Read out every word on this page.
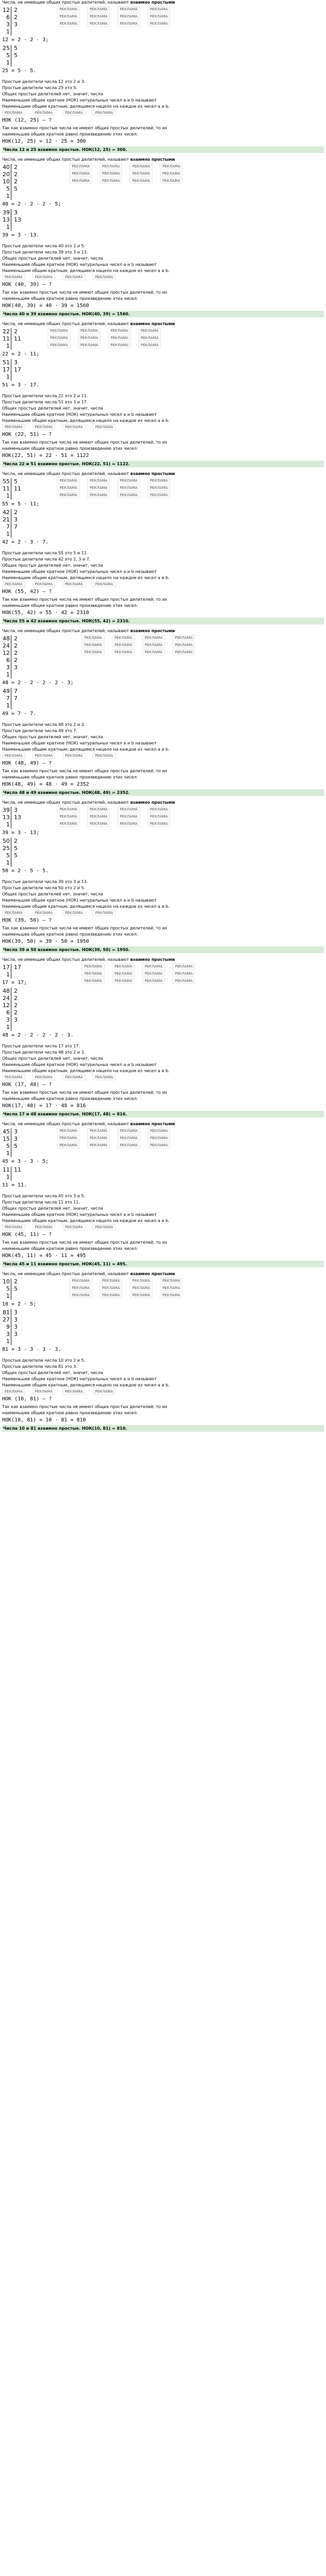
Числа, не имеющие общих простых делителей, называют взаимно простыми
12 2
6 2
3 3
1
12 = 2 · 2 · 3;
25 5
5 5
1
25 = 5 · 5.
РЕКЛАМА	РЕКЛАМА	РЕКЛАМА	РЕКЛАМА
РЕКЛАМА	РЕКЛАМА	РЕКЛАМА	РЕКЛАМА
РЕКЛАМА	РЕКЛАМА	РЕКЛАМА	РЕКЛАМА
Простые делители числа 12 это 2 и 3.
Простые делители числа 25 это 5.
Общих простых делителей нет, значит, числа
Наименьшее общее кратное (НОК) натуральных чисел a и b называют
Наименьшим общим кратным, делящимся нацело на каждое из чисел a и b.
РЕКЛАМА	РЕКЛАМА	РЕКЛАМА	РЕКЛАМА
НОК (12, 25) – ?
Так как взаимно простые числа не имеют общих простых делителей, то их
наименьшее общее кратное равно произведению этих чисел:
НОК(12, 25) = 12 · 25 = 300
Числа 12 и 25 взаимно простые. НОК(12, 25) = 300.
Числа, не имеющие общих простых делителей, называют взаимно простыми
40 2
20 2
10 2
5 5
1
40 = 2 · 2 · 2 · 5;
39 3
13 13
1
39 = 3 · 13.
РЕКЛАМА	РЕКЛАМА	РЕКЛАМА	РЕКЛАМА
РЕКЛАМА	РЕКЛАМА	РЕКЛАМА	РЕКЛАМА
РЕКЛАМА	РЕКЛАМА	РЕКЛАМА	РЕКЛАМА
Простые делители числа 40 это 2 и 5.
Простые делители числа 39 это 3 и 13.
Общих простых делителей нет, значит, числа
Наименьшее общее кратное (НОК) натуральных чисел a и b называют
Наименьшим общим кратным, делящимся нацело на каждое из чисел a и b.
РЕКЛАМА	РЕКЛАМА	РЕКЛАМА	РЕКЛАМА
НОК (40, 39) – ?
Так как взаимно простые числа не имеют общих простых делителей, то их
наименьшее общее кратное равно произведению этих чисел:
НОК(40, 39) = 40 · 39 = 1560
Числа 40 и 39 взаимно простые. НОК(40, 39) = 1560.
Числа, не имеющие общих простых делителей, называют взаимно простыми
22 2
11 11
1
22 = 2 · 11;
51 3
17 17
1
51 = 3 · 17.
РЕКЛАМА	РЕКЛАМА	РЕКЛАМА	РЕКЛАМА
РЕКЛАМА	РЕКЛАМА	РЕКЛАМА	РЕКЛАМА
РЕКЛАМА	РЕКЛАМА	РЕКЛАМА	РЕКЛАМА
Простые делители числа 22 это 2 и 11.
Простые делители числа 51 это 3 и 17.
Общих простых делителей нет, значит, числа
Наименьшее общее кратное (НОК) натуральных чисел a и b называют
Наименьшим общим кратным, делящимся нацело на каждое из чисел a и b.
РЕКЛАМА	РЕКЛАМА	РЕКЛАМА	РЕКЛАМА
НОК (22, 51) – ?
Так как взаимно простые числа не имеют общих простых делителей, то их
наименьшее общее кратное равно произведению этих чисел:
НОК(22, 51) = 22 · 51 = 1122
Числа 22 и 51 взаимно простые. НОК(22, 51) = 1122.
Числа, не имеющие общих простых делителей, называют взаимно простыми
55 5
11 11
1
55 = 5 · 11;
42 2
21 3
7 7
1
42 = 2 · 3 · 7.
РЕКЛАМА	РЕКЛАМА	РЕКЛАМА	РЕКЛАМА
РЕКЛАМА	РЕКЛАМА	РЕКЛАМА	РЕКЛАМА
РЕКЛАМА	РЕКЛАМА	РЕКЛАМА	РЕКЛАМА
Простые делители числа 55 это 5 и 11.
Простые делители числа 42 это 2, 3 и 7.
Общих простых делителей нет, значит, числа
Наименьшее общее кратное (НОК) натуральных чисел a и b называют
Наименьшим общим кратным, делящимся нацело на каждое из чисел a и b.
РЕКЛАМА	РЕКЛАМА	РЕКЛАМА	РЕКЛАМА
НОК (55, 42) – ?
Так как взаимно простые числа не имеют общих простых делителей, то их
наименьшее общее кратное равно произведению этих чисел:
НОК(55, 42) = 55 · 42 = 2310
Числа 55 и 42 взаимно простые. НОК(55, 42) = 2310.
Числа, не имеющие общих простых делителей, называют взаимно простыми
48 2
24 2
12 2
6 2
3 3
1
48 = 2 · 2 · 2 · 2 · 3;
49 7
7 7
1
49 = 7 · 7.
РЕКЛАМА	РЕКЛАМА	РЕКЛАМА	РЕКЛАМА
РЕКЛАМА	РЕКЛАМА	РЕКЛАМА	РЕКЛАМА
РЕКЛАМА	РЕКЛАМА	РЕКЛАМА	РЕКЛАМА
Простые делители числа 48 это 2 и 3.
Простые делители числа 49 это 7.
Общих простых делителей нет, значит, числа
Наименьшее общее кратное (НОК) натуральных чисел a и b называют
Наименьшим общим кратным, делящимся нацело на каждое из чисел a и b.
РЕКЛАМА	РЕКЛАМА	РЕКЛАМА	РЕКЛАМА
НОК (48, 49) – ?
Так как взаимно простые числа не имеют общих простых делителей, то их
наименьшее общее кратное равно произведению этих чисел:
НОК(48, 49) = 48 · 49 = 2352
Числа 48 и 49 взаимно простые. НОК(48, 49) = 2352.
Числа, не имеющие общих простых делителей, называют взаимно простыми
39 3
13 13
1
39 = 3 · 13;
50 2
25 5
5 5
1
50 = 2 · 5 · 5.
РЕКЛАМА	РЕКЛАМА	РЕКЛАМА	РЕКЛАМА
РЕКЛАМА	РЕКЛАМА	РЕКЛАМА	РЕКЛАМА
РЕКЛАМА	РЕКЛАМА	РЕКЛАМА	РЕКЛАМА
Простые делители числа 39 это 3 и 13.
Простые делители числа 50 это 2 и 5.
Общих простых делителей нет, значит, числа
Наименьшее общее кратное (НОК) натуральных чисел a и b называют
Наименьшим общим кратным, делящимся нацело на каждое из чисел a и b.
РЕКЛАМА	РЕКЛАМА	РЕКЛАМА	РЕКЛАМА
НОК (39, 50) – ?
Так как взаимно простые числа не имеют общих простых делителей, то их
наименьшее общее кратное равно произведению этих чисел:
НОК(39, 50) = 39 · 50 = 1950
Числа 39 и 50 взаимно простые. НОК(39, 50) = 1950.
Числа, не имеющие общих простых делителей, называют взаимно простыми
17 17
1
17 = 17;
48 2
24 2
12 2
6 2
3 3
1
48 = 2 · 2 · 2 · 2 · 3.
РЕКЛАМА	РЕКЛАМА	РЕКЛАМА	РЕКЛАМА
РЕКЛАМА	РЕКЛАМА	РЕКЛАМА	РЕКЛАМА
РЕКЛАМА	РЕКЛАМА	РЕКЛАМА	РЕКЛАМА
Простые делители числа 17 это 17.
Простые делители числа 48 это 2 и 3.
Общих простых делителей нет, значит, числа
Наименьшее общее кратное (НОК) натуральных чисел a и b называют
Наименьшим общим кратным, делящимся нацело на каждое из чисел a и b.
РЕКЛАМА	РЕКЛАМА	РЕКЛАМА	РЕКЛАМА
НОК (17, 48) – ?
Так как взаимно простые числа не имеют общих простых делителей, то их
наименьшее общее кратное равно произведению этих чисел:
НОК(17, 48) = 17 · 48 = 816
Числа 17 и 48 взаимно простые. НОК(17, 48) = 816.
Числа, не имеющие общих простых делителей, называют взаимно простыми
45 3
15 3
5 5
1
45 = 3 · 3 · 5;
11 11
1
11 = 11.
РЕКЛАМА	РЕКЛАМА	РЕКЛАМА	РЕКЛАМА
РЕКЛАМА	РЕКЛАМА	РЕКЛАМА	РЕКЛАМА
РЕКЛАМА	РЕКЛАМА	РЕКЛАМА	РЕКЛАМА
Простые делители числа 45 это 3 и 5.
Простые делители числа 11 это 11.
Общих простых делителей нет, значит, числа
Наименьшее общее кратное (НОК) натуральных чисел a и b называют
Наименьшим общим кратным, делящимся нацело на каждое из чисел a и b.
РЕКЛАМА	РЕКЛАМА	РЕКЛАМА	РЕКЛАМА
НОК (45, 11) – ?
Так как взаимно простые числа не имеют общих простых делителей, то их
наименьшее общее кратное равно произведению этих чисел:
НОК(45, 11) = 45 · 11 = 495
Числа 45 и 11 взаимно простые. НОК(45, 11) = 495.
Числа, не имеющие общих простых делителей, называют взаимно простыми
10 2
5 5
1
10 = 2 · 5;
81 3
27 3
9 3
3 3
1
81 = 3 · 3 · 3 · 3.
РЕКЛАМА	РЕКЛАМА	РЕКЛАМА	РЕКЛАМА
РЕКЛАМА	РЕКЛАМА	РЕКЛАМА	РЕКЛАМА
РЕКЛАМА	РЕКЛАМА	РЕКЛАМА	РЕКЛАМА
Простые делители числа 10 это 2 и 5.
Простые делители числа 81 это 3.
Общих простых делителей нет, значит, числа
Наименьшее общее кратное (НОК) натуральных чисел a и b называют
Наименьшим общим кратным, делящимся нацело на каждое из чисел a и b.
РЕКЛАМА	РЕКЛАМА	РЕКЛАМА	РЕКЛАМА
НОК (10, 81) – ?
Так как взаимно простые числа не имеют общих простых делителей, то их
наименьшее общее кратное равно произведению этих чисел:
НОК(10, 81) = 10 · 81 = 810
Числа 10 и 81 взаимно простые. НОК(10, 81) = 810.
